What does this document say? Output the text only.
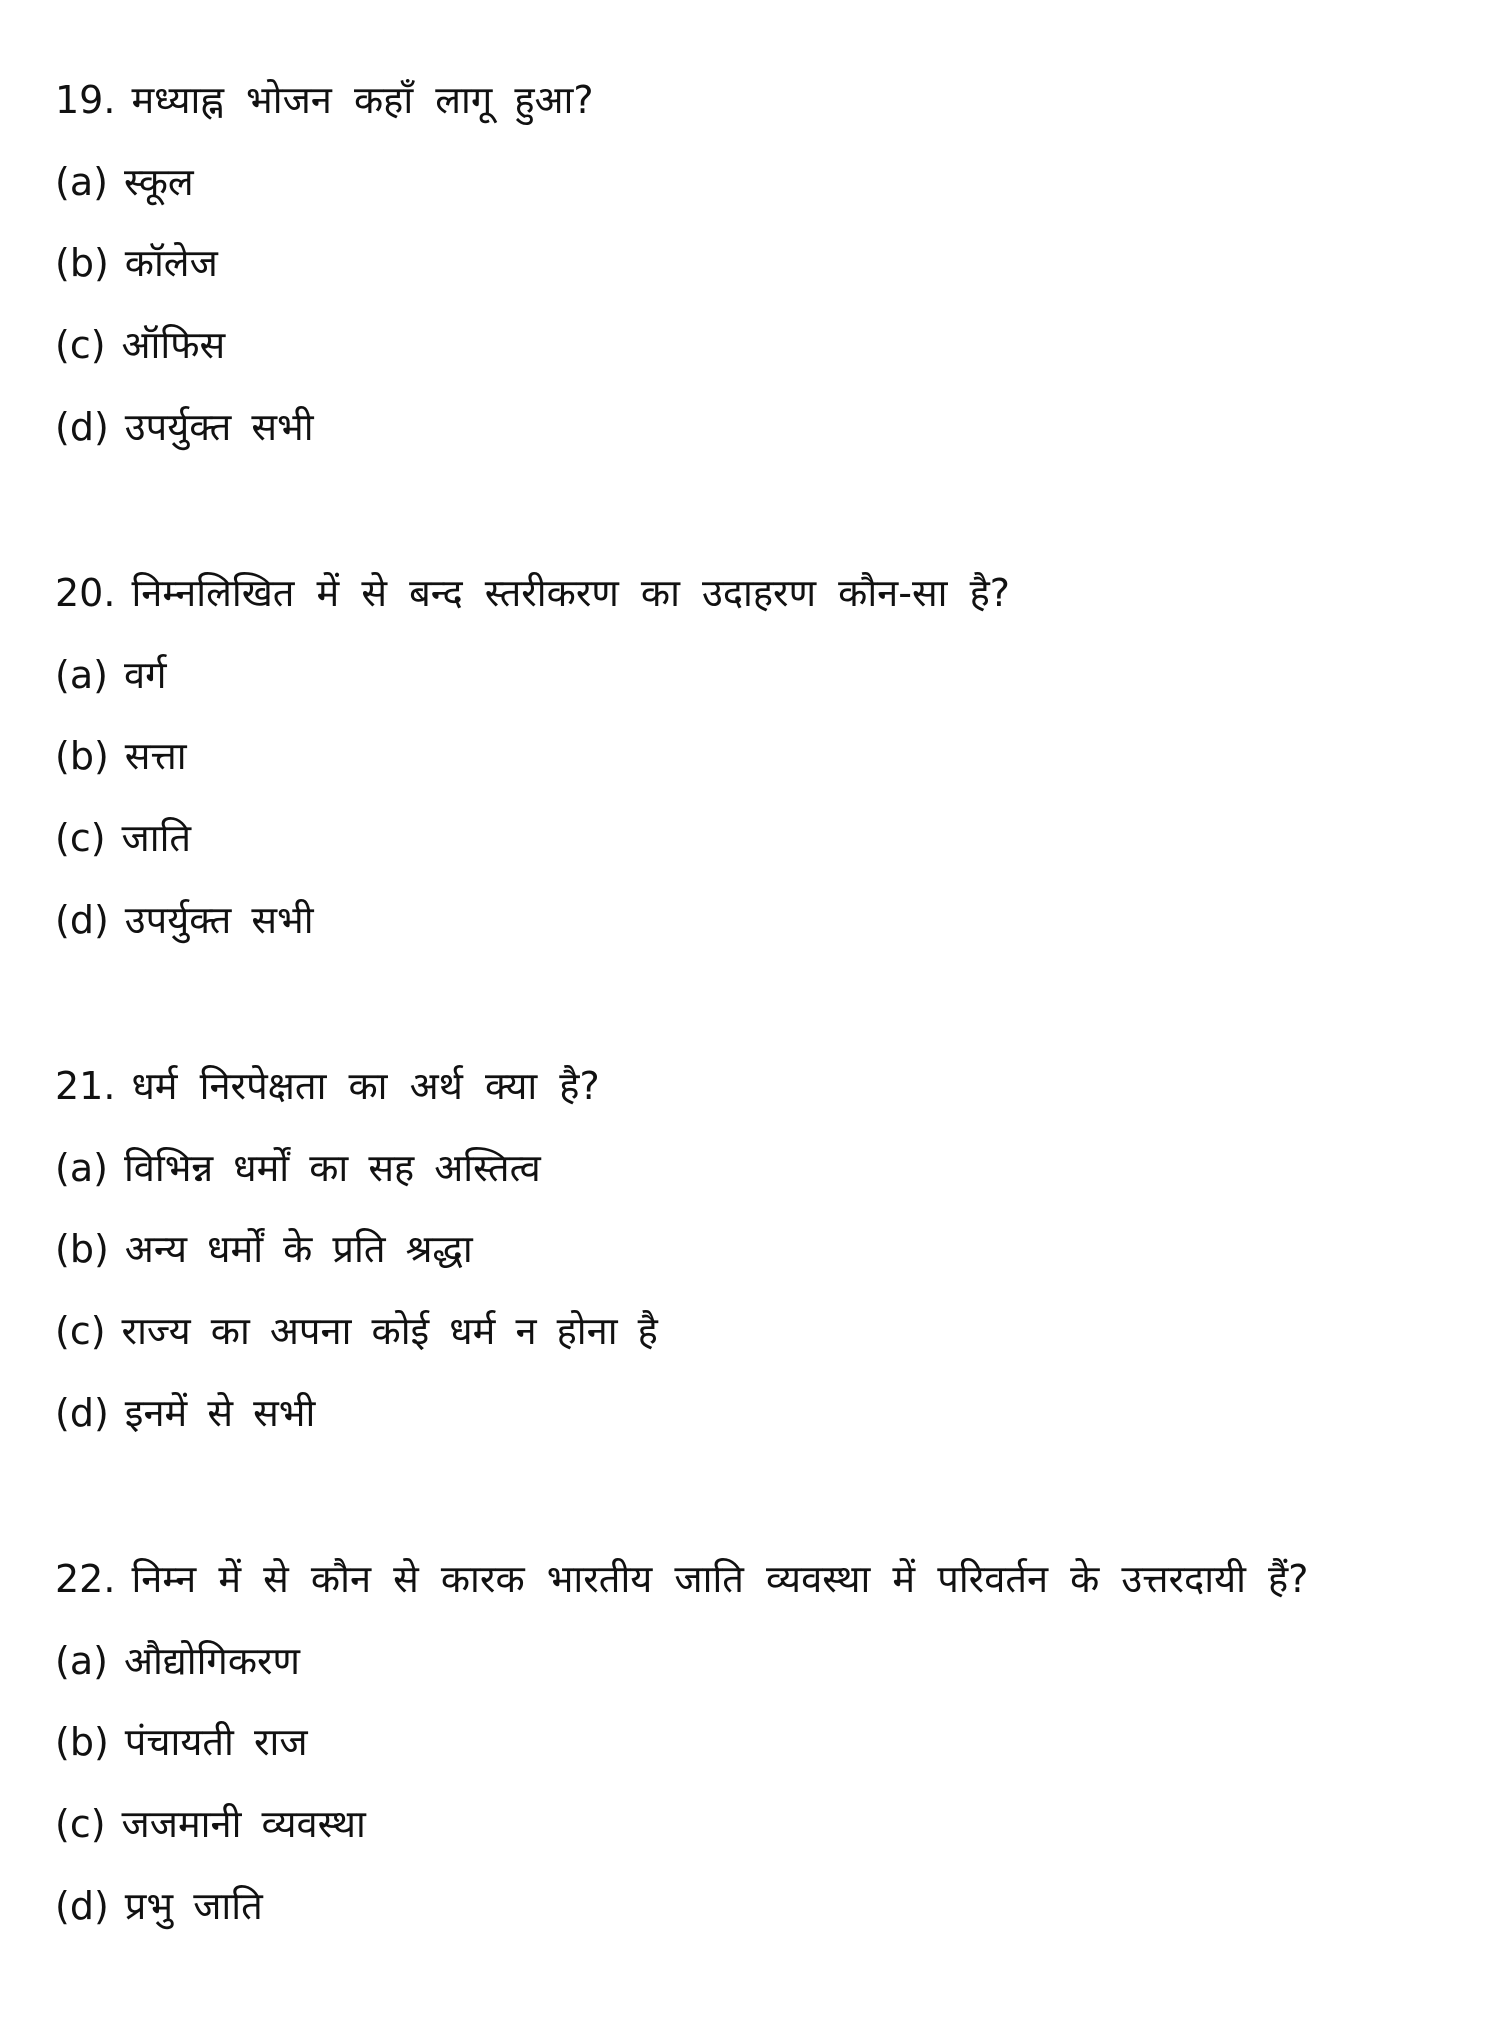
19. मध्याह्न भोजन कहाँ लागू हुआ?
(a) स्कूल
(b) कॉलेज
(c) ऑफिस
(d) उपर्युक्त सभी
20. निम्नलिखित में से बन्द स्तरीकरण का उदाहरण कौन-सा है?
(a) वर्ग
(b) सत्ता
(c) जाति
(d) उपर्युक्त सभी
21. धर्म निरपेक्षता का अर्थ क्या है?
(a) विभिन्न धर्मों का सह अस्तित्व
(b) अन्य धर्मों के प्रति श्रद्धा
(c) राज्य का अपना कोई धर्म न होना है
(d) इनमें से सभी
22. निम्न में से कौन से कारक भारतीय जाति व्यवस्था में परिवर्तन के उत्तरदायी हैं?
(a) औद्योगिकरण
(b) पंचायती राज
(c) जजमानी व्यवस्था
(d) प्रभु जाति
